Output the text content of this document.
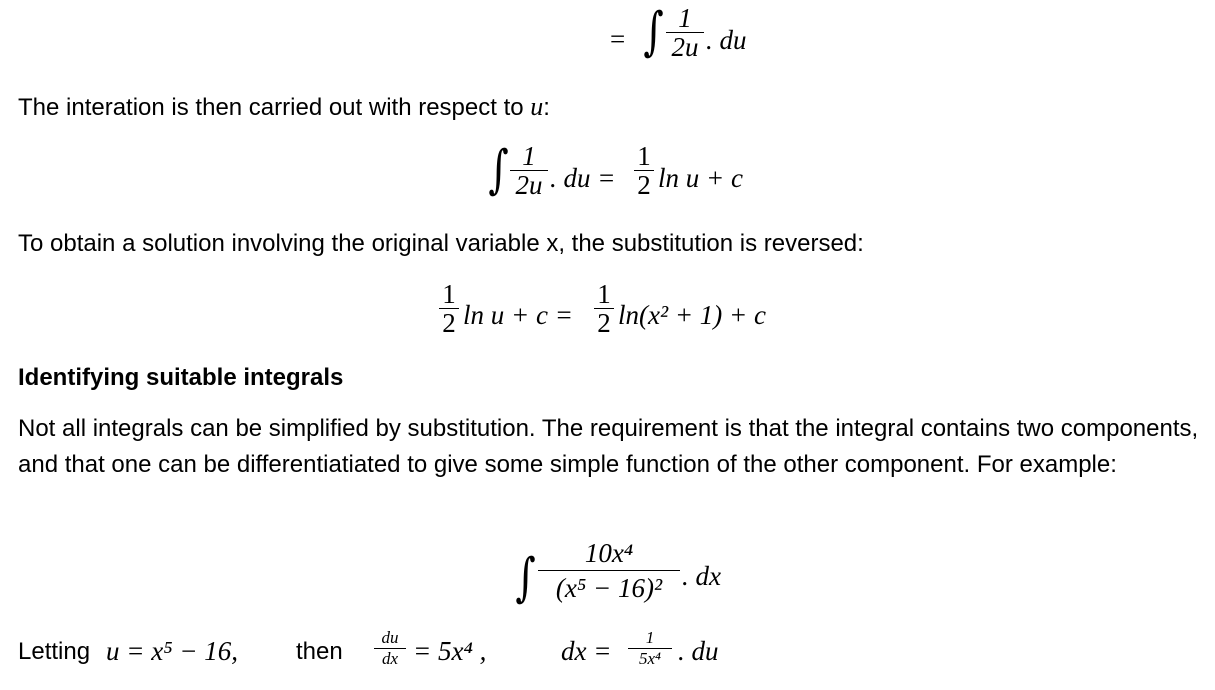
= ∫ $\frac{1}{2u}$ . du
The interation is then carried out with respect to u:
∫ $\frac{1}{2u}$ . du = $\frac{1}{2}$ ln u + c
To obtain a solution involving the original variable x, the substitution is reversed:
$\frac{1}{2}$ $\ln u + c = \frac{1}{2} \ln(x^2 + 1) + c$
Identifying suitable integrals
Not all integrals can be simplified by substitution. The requirement is that the integral contains two components, and that one can be differentiatiated to give some simple function of the other component. For example:
∫ $\frac{\text{10x⁴}}{\text{(x⁵ − 16)²}}$ . dx
Letting u = x⁵ − 16, then $\frac{du}{dx} = 5x^4$ ,	dx = $\frac{1}{\text{5x⁴}}$ . du
